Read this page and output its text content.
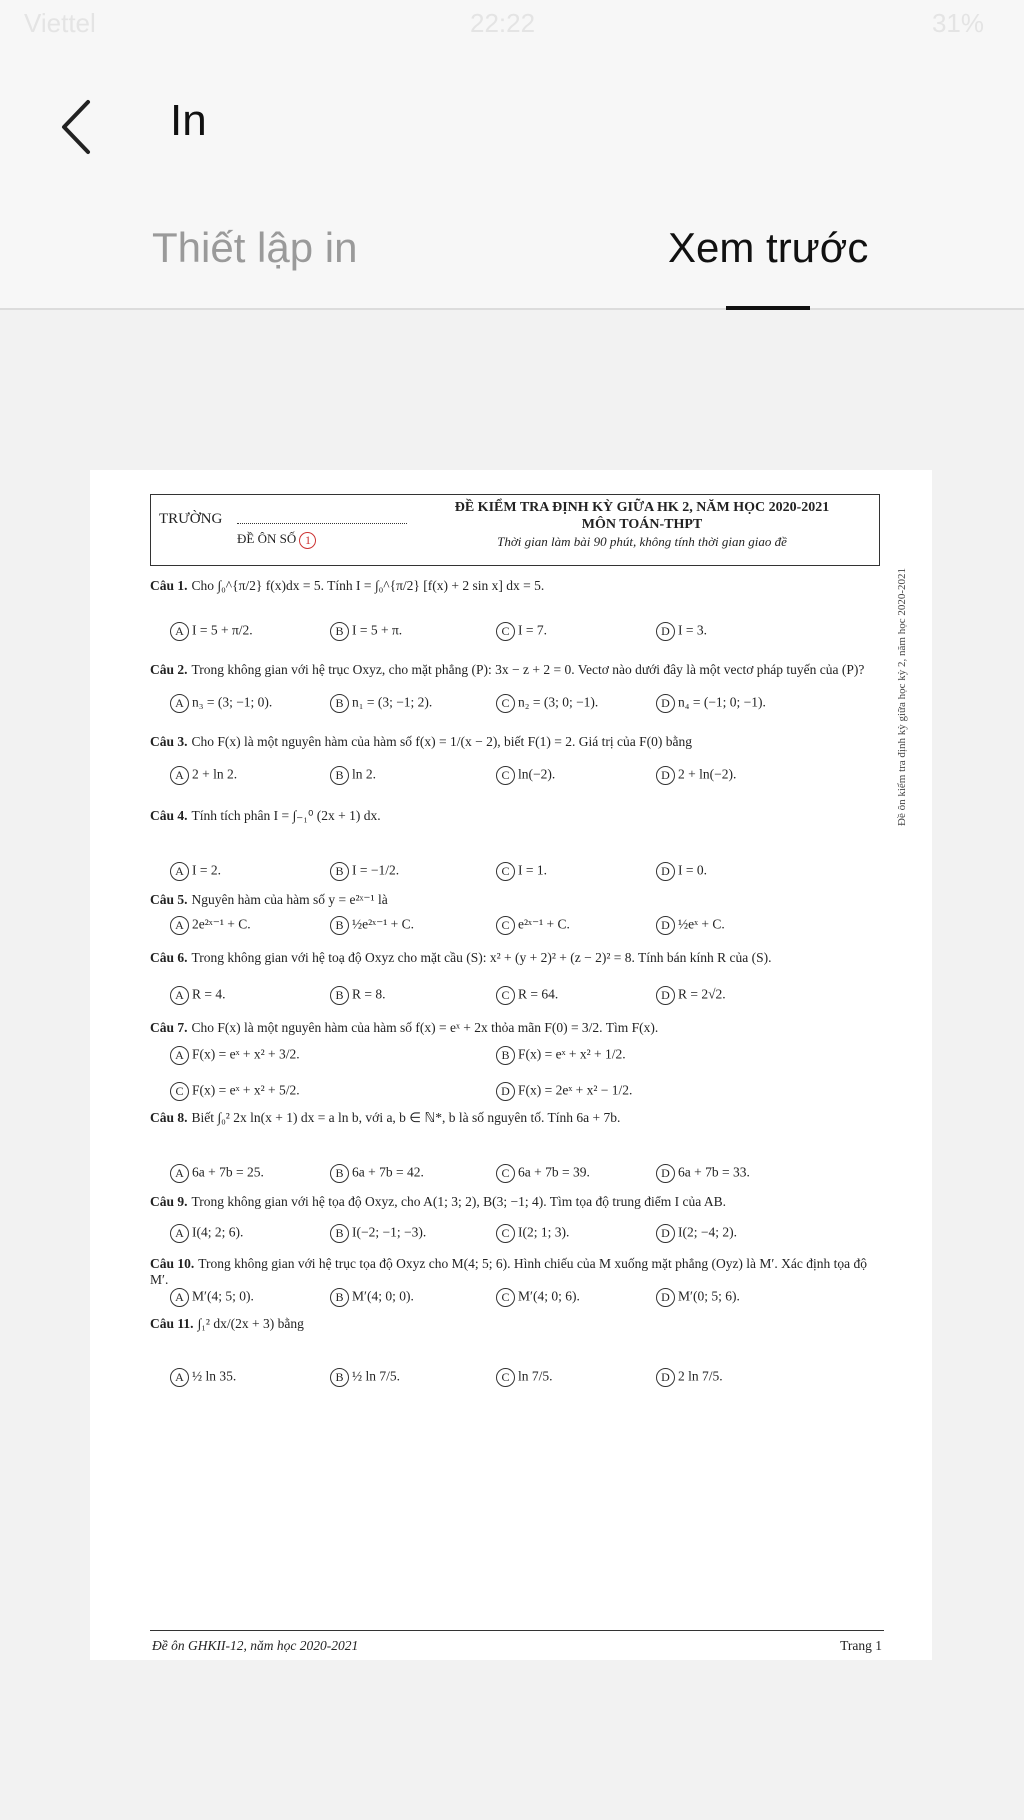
Viettel	22:22	31%
In
Thiết lập in	Xem trước
TRƯỜNG
ĐỀ ÔN SỐ 1
ĐỀ KIỂM TRA ĐỊNH KỲ GIỮA HK 2, NĂM HỌC 2020-2021
MÔN TOÁN-THPT
Thời gian làm bài 90 phút, không tính thời gian giao đề
Câu 1. Cho ∫₀^{π/2} f(x)dx = 5. Tính I = ∫₀^{π/2} [f(x) + 2 sin x] dx = 5.
A I = 5 + π/2.	B I = 5 + π.	C I = 7.	D I = 3.
Câu 2. Trong không gian với hệ trục Oxyz, cho mặt phẳng (P): 3x − z + 2 = 0. Vectơ nào dưới đây là một vectơ pháp tuyến của (P)?
A n₃ = (3; −1; 0).	B n₁ = (3; −1; 2).	C n₂ = (3; 0; −1).	D n₄ = (−1; 0; −1).
Câu 3. Cho F(x) là một nguyên hàm của hàm số f(x) = 1/(x − 2), biết F(1) = 2. Giá trị của F(0) bằng
A 2 + ln 2.	B ln 2.	C ln(−2).	D 2 + ln(−2).
Câu 4. Tính tích phân I = ∫₋₁⁰ (2x + 1) dx.
A I = 2.	B I = −1/2.	C I = 1.	D I = 0.
Câu 5. Nguyên hàm của hàm số y = e²ˣ⁻¹ là
A 2e²ˣ⁻¹ + C.	B ½e²ˣ⁻¹ + C.	C e²ˣ⁻¹ + C.	D ½eˣ + C.
Câu 6. Trong không gian với hệ toạ độ Oxyz cho mặt cầu (S): x² + (y + 2)² + (z − 2)² = 8. Tính bán kính R của (S).
A R = 4.	B R = 8.	C R = 64.	D R = 2√2.
Câu 7. Cho F(x) là một nguyên hàm của hàm số f(x) = eˣ + 2x thỏa mãn F(0) = 3/2. Tìm F(x).
A F(x) = eˣ + x² + 3/2.	B F(x) = eˣ + x² + 1/2.
C F(x) = eˣ + x² + 5/2.	D F(x) = 2eˣ + x² − 1/2.
Câu 8. Biết ∫₀² 2x ln(x + 1) dx = a ln b, với a, b ∈ ℕ*, b là số nguyên tố. Tính 6a + 7b.
A 6a + 7b = 25.	B 6a + 7b = 42.	C 6a + 7b = 39.	D 6a + 7b = 33.
Câu 9. Trong không gian với hệ tọa độ Oxyz, cho A(1; 3; 2), B(3; −1; 4). Tìm tọa độ trung điểm I của AB.
A I(4; 2; 6).	B I(−2; −1; −3).	C I(2; 1; 3).	D I(2; −4; 2).
Câu 10. Trong không gian với hệ trục tọa độ Oxyz cho M(4; 5; 6). Hình chiếu của M xuống mặt phẳng (Oyz) là M′. Xác định tọa độ M′.
A M′(4; 5; 0).	B M′(4; 0; 0).	C M′(4; 0; 6).	D M′(0; 5; 6).
Câu 11. ∫₁² dx/(2x + 3) bằng
A ½ ln 35.	B ½ ln 7/5.	C ln 7/5.	D 2 ln 7/5.
Đề ôn kiểm tra định kỳ giữa học kỳ 2, năm học 2020-2021
Đề ôn GHKII-12, năm học 2020-2021	Trang 1
